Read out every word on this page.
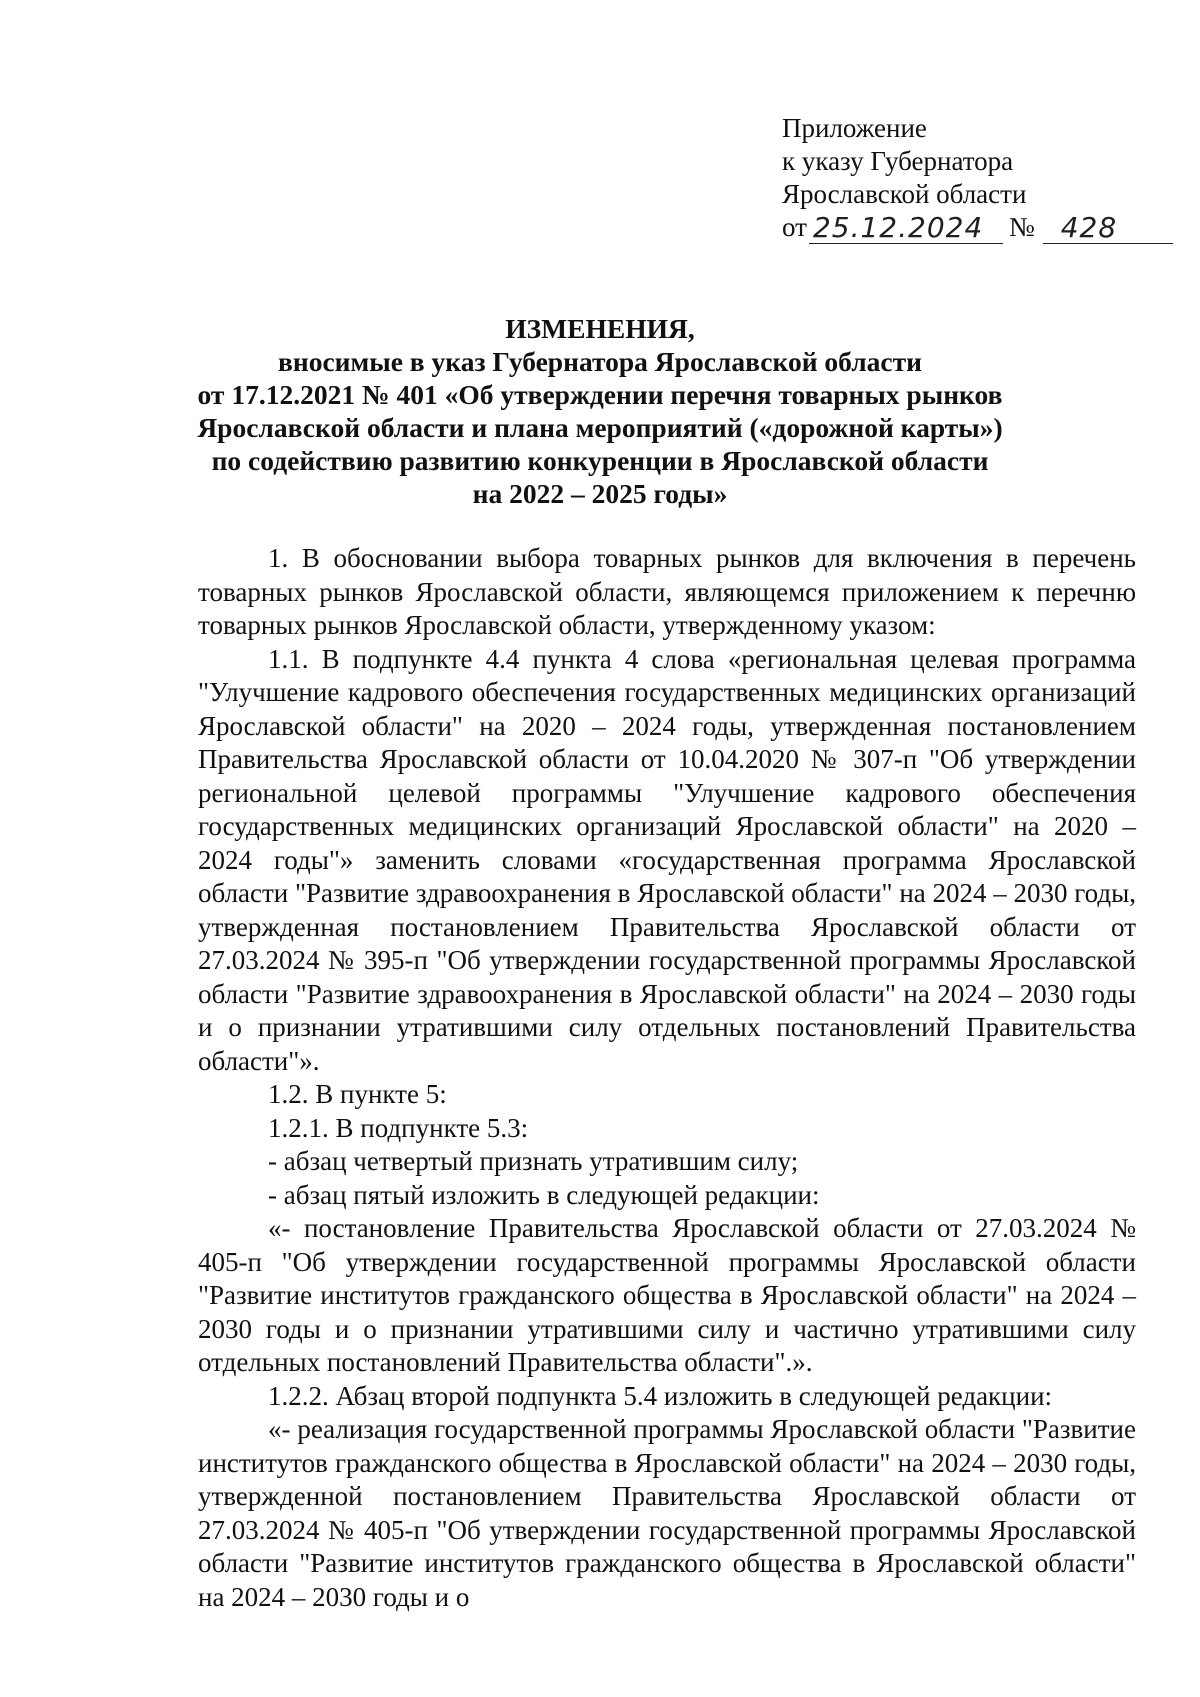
Приложение
к указу Губернатора
Ярославской области
от 25.12.2024 № 428
ИЗМЕНЕНИЯ,
вносимые в указ Губернатора Ярославской области
от 17.12.2021 № 401 «Об утверждении перечня товарных рынков
Ярославской области и плана мероприятий («дорожной карты»)
по содействию развитию конкуренции в Ярославской области
на 2022 – 2025 годы»

1. В обосновании выбора товарных рынков для включения в перечень товарных рынков Ярославской области, являющемся приложением к перечню товарных рынков Ярославской области, утвержденному указом:

1.1. В подпункте 4.4 пункта 4 слова «региональная целевая программа "Улучшение кадрового обеспечения государственных медицинских организаций Ярославской области" на 2020 – 2024 годы, утвержденная постановлением Правительства Ярославской области от 10.04.2020 № 307-п "Об утверждении региональной целевой программы "Улучшение кадрового обеспечения государственных медицинских организаций Ярославской области" на 2020 – 2024 годы"» заменить словами «государственная программа Ярославской области "Развитие здравоохранения в Ярославской области" на 2024 – 2030 годы, утвержденная постановлением Правительства Ярославской области от 27.03.2024 № 395-п "Об утверждении государственной программы Ярославской области "Развитие здравоохранения в Ярославской области" на 2024 – 2030 годы и о признании утратившими силу отдельных постановлений Правительства области"».

1.2. В пункте 5:

1.2.1. В подпункте 5.3:

- абзац четвертый признать утратившим силу;

- абзац пятый изложить в следующей редакции:

«- постановление Правительства Ярославской области от 27.03.2024 № 405-п "Об утверждении государственной программы Ярославской области "Развитие институтов гражданского общества в Ярославской области" на 2024 – 2030 годы и о признании утратившими силу и частично утратившими силу отдельных постановлений Правительства области".».

1.2.2. Абзац второй подпункта 5.4 изложить в следующей редакции:

«- реализация государственной программы Ярославской области "Развитие институтов гражданского общества в Ярославской области" на 2024 – 2030 годы, утвержденной постановлением Правительства Ярославской области от 27.03.2024 № 405-п "Об утверждении государственной программы Ярославской области "Развитие институтов гражданского общества в Ярославской области" на 2024 – 2030 годы и о
